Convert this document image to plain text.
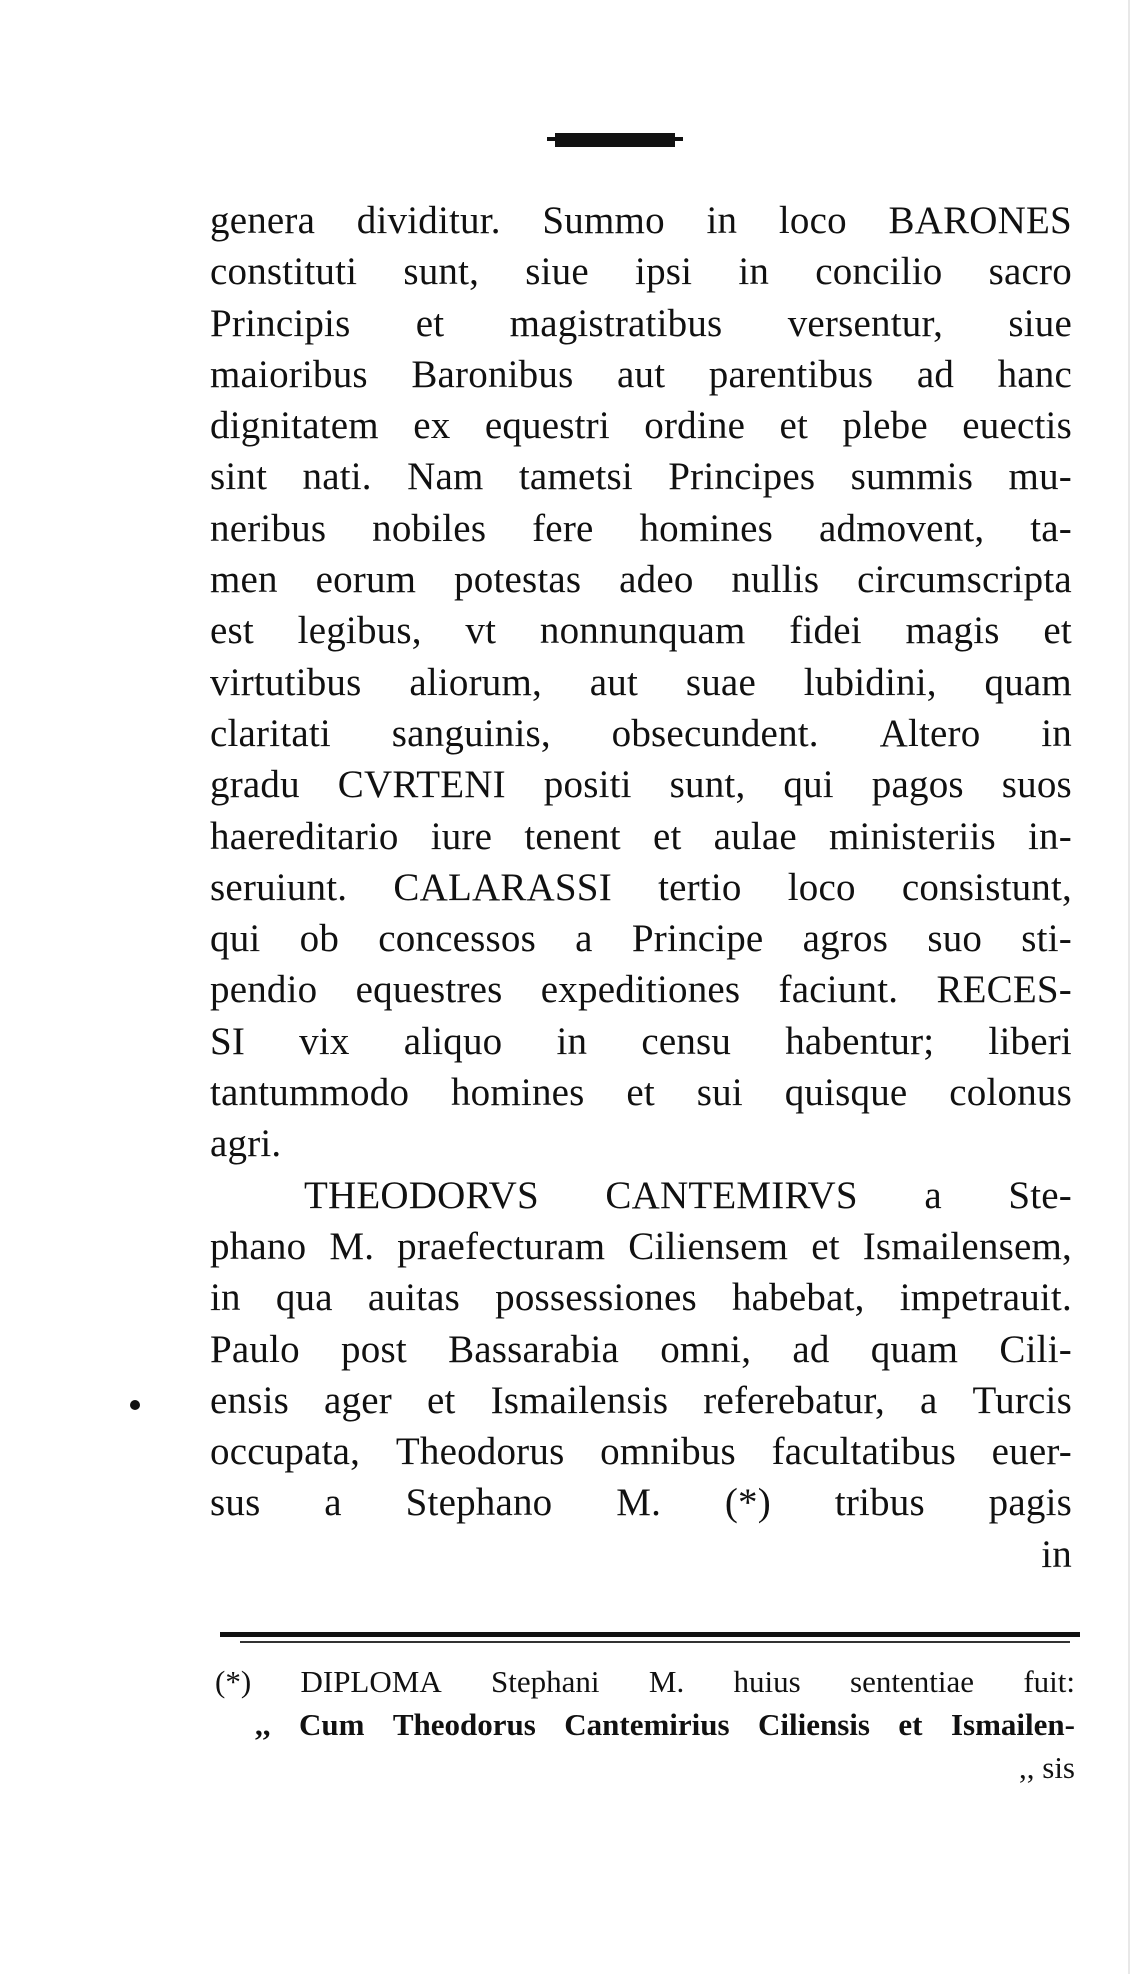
genera dividitur. Summo in loco BARONES
constituti sunt, siue ipsi in concilio sacro
Principis et magistratibus versentur, siue
maioribus Baronibus aut parentibus ad hanc
dignitatem ex equestri ordine et plebe euectis
sint nati. Nam tametsi Principes summis mu-
neribus nobiles fere homines admovent, ta-
men eorum potestas adeo nullis circumscripta
est legibus, vt nonnunquam fidei magis et
virtutibus aliorum, aut suae lubidini, quam
claritati sanguinis, obsecundent. Altero in
gradu CVRTENI positi sunt, qui pagos suos
haereditario iure tenent et aulae ministeriis in-
seruiunt. CALARASSI tertio loco consistunt,
qui ob concessos a Principe agros suo sti-
pendio equestres expeditiones faciunt. RECES-
SI vix aliquo in censu habentur; liberi
tantummodo homines et sui quisque colonus
agri.
THEODORVS CANTEMIRVS a Ste-
phano M. praefecturam Ciliensem et Ismailensem,
in qua auitas possessiones habebat, impetrauit.
Paulo post Bassarabia omni, ad quam Cili-
ensis ager et Ismailensis referebatur, a Turcis
occupata, Theodorus omnibus facultatibus euer-
sus a Stephano M. (*) tribus pagis
in
(*) DIPLOMA Stephani M. huius sententiae fuit:
,, Cum Theodorus Cantemirius Ciliensis et Ismailen-
,, sis
